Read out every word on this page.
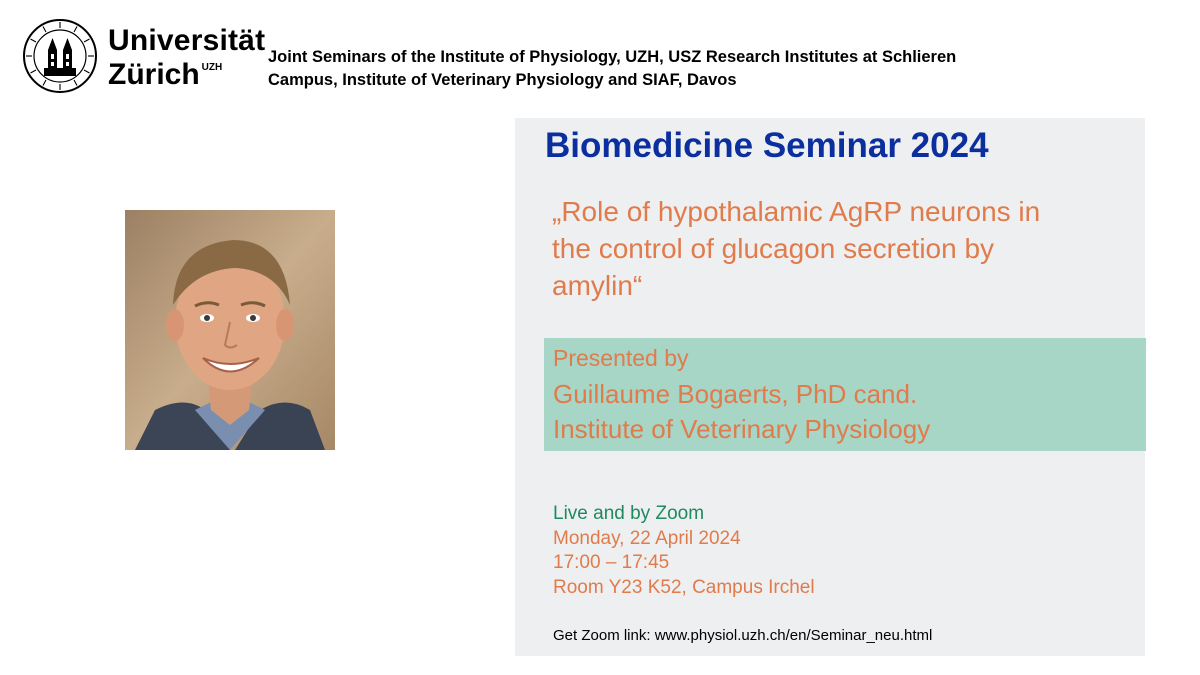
Universität
Zürich $^{UZH}$
Joint Seminars of the Institute of Physiology, UZH, USZ Research Institutes at Schlieren
Campus, Institute of Veterinary Physiology and SIAF, Davos
Biomedicine Seminar 2024
„Role of hypothalamic AgRP neurons in
the control of glucagon secretion by
amylin“
Presented by
Guillaume Bogaerts, PhD cand.
Institute of Veterinary Physiology
Live and by Zoom
Monday, 22 April 2024
17:00 – 17:45
Room Y23 K52, Campus Irchel
Get Zoom link: www.physiol.uzh.ch/en/Seminar_neu.html
